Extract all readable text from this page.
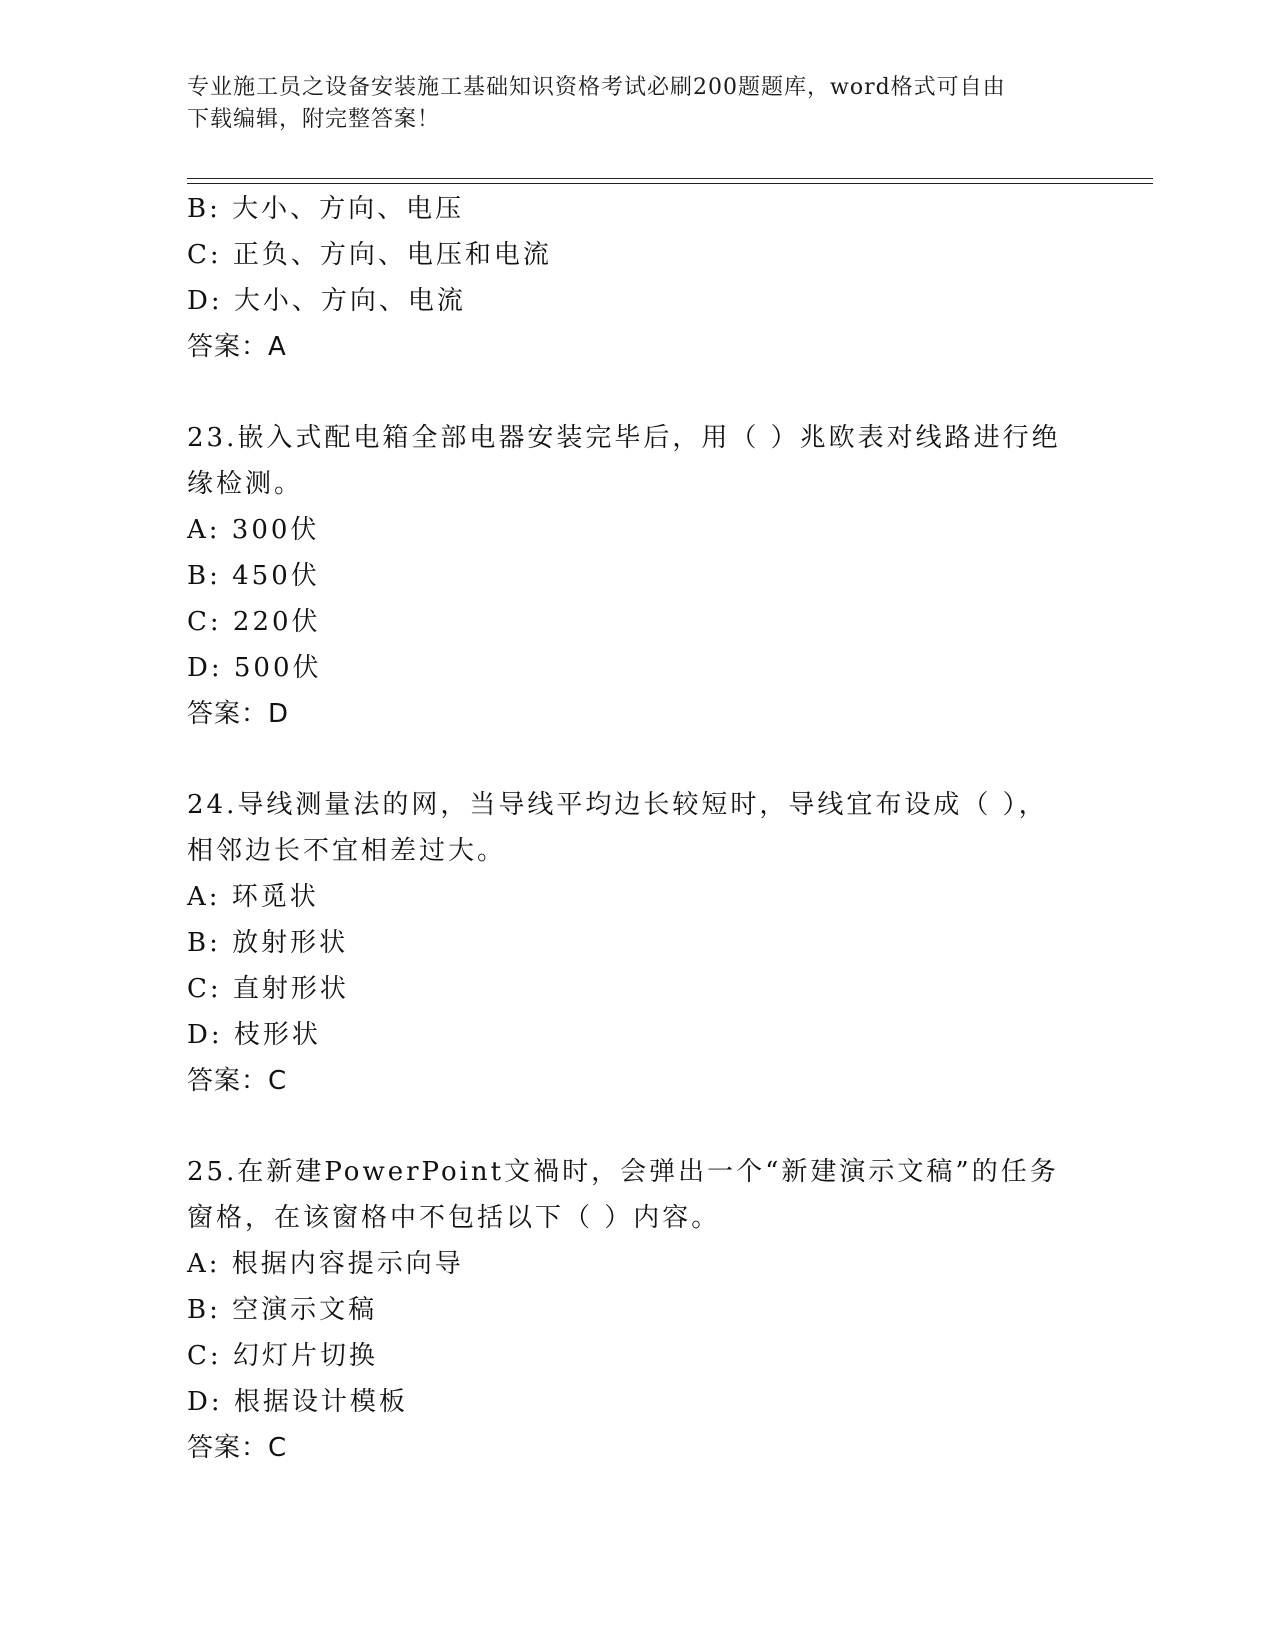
专业施工员之设备安装施工基础知识资格考试必刷200题题库，word格式可自由
下载编辑，附完整答案！
B: 大小、方向、电压
C: 正负、方向、电压和电流
D: 大小、方向、电流
答案：A
23.嵌入式配电箱全部电器安装完毕后，用（ ）兆欧表对线路进行绝
缘检测。
A: 300伏
B: 450伏
C: 220伏
D: 500伏
答案：D
24.导线测量法的网，当导线平均边长较短时，导线宜布设成（ ），
相邻边长不宜相差过大。
A: 环觅状
B: 放射形状
C: 直射形状
D: 枝形状
答案：C
25.在新建PowerPoint文禍时，会弹出一个“新建演示文稿”的任务
窗格，在该窗格中不包括以下（ ）内容。
A: 根据内容提示向导
B: 空演示文稿
C: 幻灯片切换
D: 根据设计模板
答案：C
